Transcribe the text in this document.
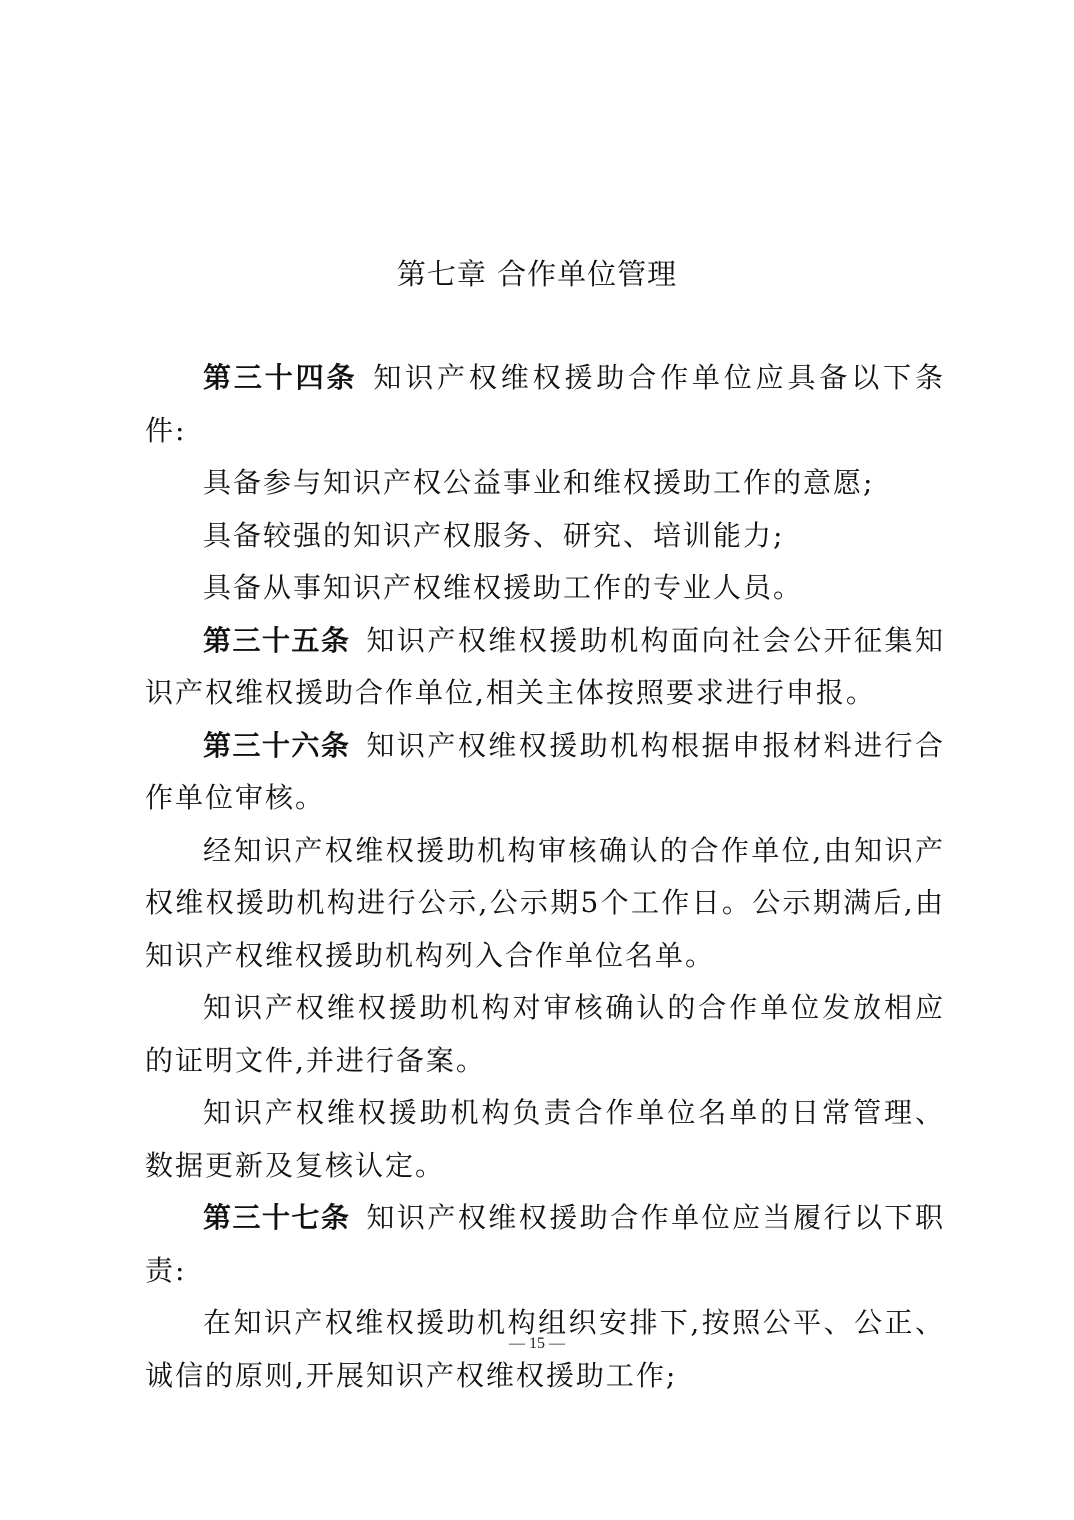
第七章 合作单位管理

第三十四条 知识产权维权援助合作单位应具备以下条件:

具备参与知识产权公益事业和维权援助工作的意愿;

具备较强的知识产权服务、研究、培训能力;

具备从事知识产权维权援助工作的专业人员。

第三十五条 知识产权维权援助机构面向社会公开征集知识产权维权援助合作单位,相关主体按照要求进行申报。

第三十六条 知识产权维权援助机构根据申报材料进行合作单位审核。

经知识产权维权援助机构审核确认的合作单位,由知识产权维权援助机构进行公示,公示期5个工作日。公示期满后,由知识产权维权援助机构列入合作单位名单。

知识产权维权援助机构对审核确认的合作单位发放相应的证明文件,并进行备案。

知识产权维权援助机构负责合作单位名单的日常管理、数据更新及复核认定。

第三十七条 知识产权维权援助合作单位应当履行以下职责:

在知识产权维权援助机构组织安排下,按照公平、公正、诚信的原则,开展知识产权维权援助工作;

— 15 —
